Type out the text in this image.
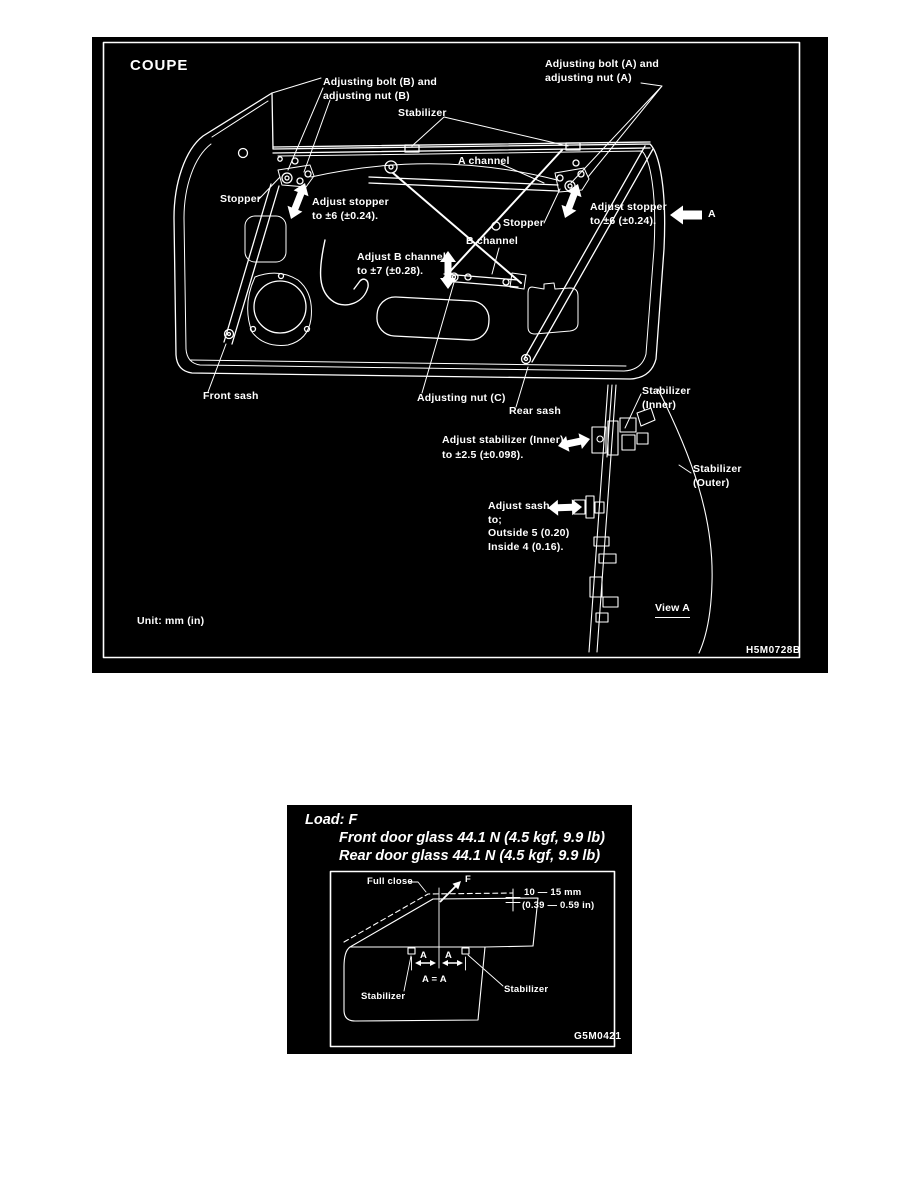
COUPE
Adjusting bolt (B) and
adjusting nut (B)
Adjusting bolt (A) and
adjusting nut (A)
Stabilizer
A channel
Stopper	Adjust stopper
to ±6 (±0.24).
Stopper
Adjust stopper
to ±6 (±0.24).
A
B channel
Adjust B channel
to ±7 (±0.28).
Front sash	Adjusting nut (C)
Rear sash
Stabilizer
(Inner)
Adjust stabilizer (Inner)
to ±2.5 (±0.098).
Stabilizer
(Outer)
Adjust sash
to;
Outside 5 (0.20)
Inside 4 (0.16).
View A
Unit: mm (in)
H5M0728B
Load: F
Front door glass 44.1 N (4.5 kgf, 9.9 lb)
Rear door glass 44.1 N (4.5 kgf, 9.9 lb)
Full close	F
10 — 15 mm
(0.39 — 0.59 in)
A A
A = A
Stabilizer
Stabilizer
G5M0421
